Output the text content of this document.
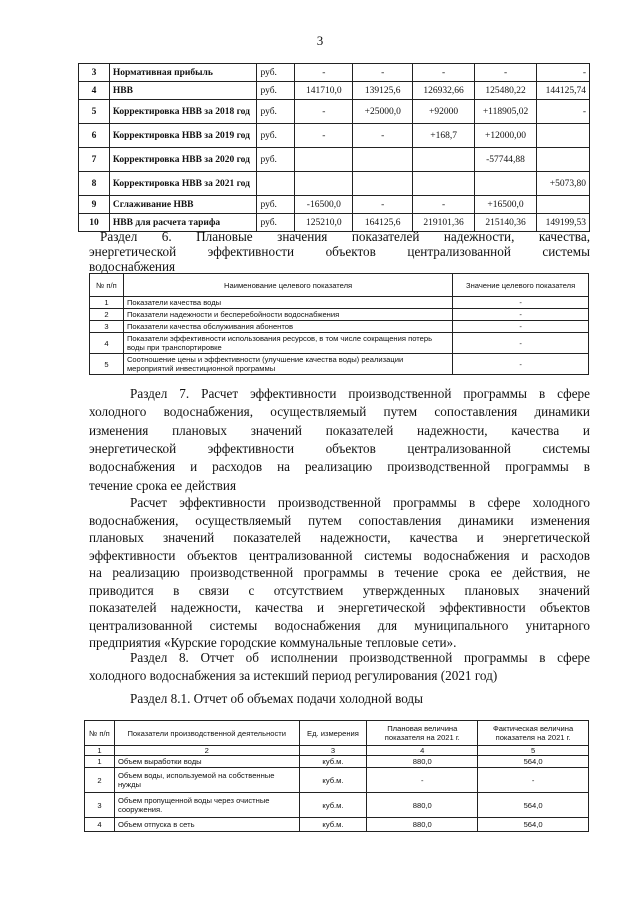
3
3	Нормативная прибыль	руб.	-	-	-	-	-
4	НВВ	руб.	141710,0	139125,6	126932,66	125480,22	144125,74
5	Корректировка НВВ за 2018 год	руб.	-	+25000,0	+92000	+118905,02	-
6	Корректировка НВВ за 2019 год	руб.	-	-	+168,7	+12000,00	
7	Корректировка НВВ за 2020 год	руб.				-57744,88	
8	Корректировка НВВ за 2021 год						+5073,80
9	Сглаживание НВВ	руб.	-16500,0	-	-	+16500,0	
10	НВВ для расчета тарифа	руб.	125210,0	164125,6	219101,36	215140,36	149199,53
Раздел 6. Плановые значения показателей надежности, качества,
энергетической эффективности объектов централизованной системы
водоснабжения
№ п/п	Наименование целевого показателя	Значение целевого показателя
1	Показатели качества воды	-
2	Показатели надежности и бесперебойности водоснабжения	-
3	Показатели качества обслуживания абонентов	-
4	Показатели эффективности использования ресурсов, в том числе сокращения потерь воды при транспортировке	-
5	Соотношение цены и эффективности (улучшение качества воды) реализации мероприятий инвестиционной программы	-
Раздел 7. Расчет эффективности производственной программы в сфере
холодного водоснабжения, осуществляемый путем сопоставления динамики
изменения плановых значений показателей надежности, качества и
энергетической эффективности объектов централизованной системы
водоснабжения и расходов на реализацию производственной программы в
течение срока ее действия
Расчет эффективности производственной программы в сфере холодного
водоснабжения, осуществляемый путем сопоставления динамики изменения
плановых значений показателей надежности, качества и энергетической
эффективности объектов централизованной системы водоснабжения и расходов
на реализацию производственной программы в течение срока ее действия, не
приводится в связи с отсутствием утвержденных плановых значений
показателей надежности, качества и энергетической эффективности объектов
централизованной системы водоснабжения для муниципального унитарного
предприятия «Курские городские коммунальные тепловые сети».
Раздел 8. Отчет об исполнении производственной программы в сфере
холодного водоснабжения за истекший период регулирования (2021 год)
Раздел 8.1. Отчет об объемах подачи холодной воды
№ п/п	Показатели производственной деятельности	Ед. измерения	Плановая величина показателя на 2021 г.	Фактическая величина показателя на 2021 г.
1	2	3	4	5
1	Объем выработки воды	куб.м.	880,0	564,0
2	Объем воды, используемой на собственные нужды	куб.м.	-	-
3	Объем пропущенной воды через очистные сооружения.	куб.м.	880,0	564,0
4	Объем отпуска в сеть	куб.м.	880,0	564,0
